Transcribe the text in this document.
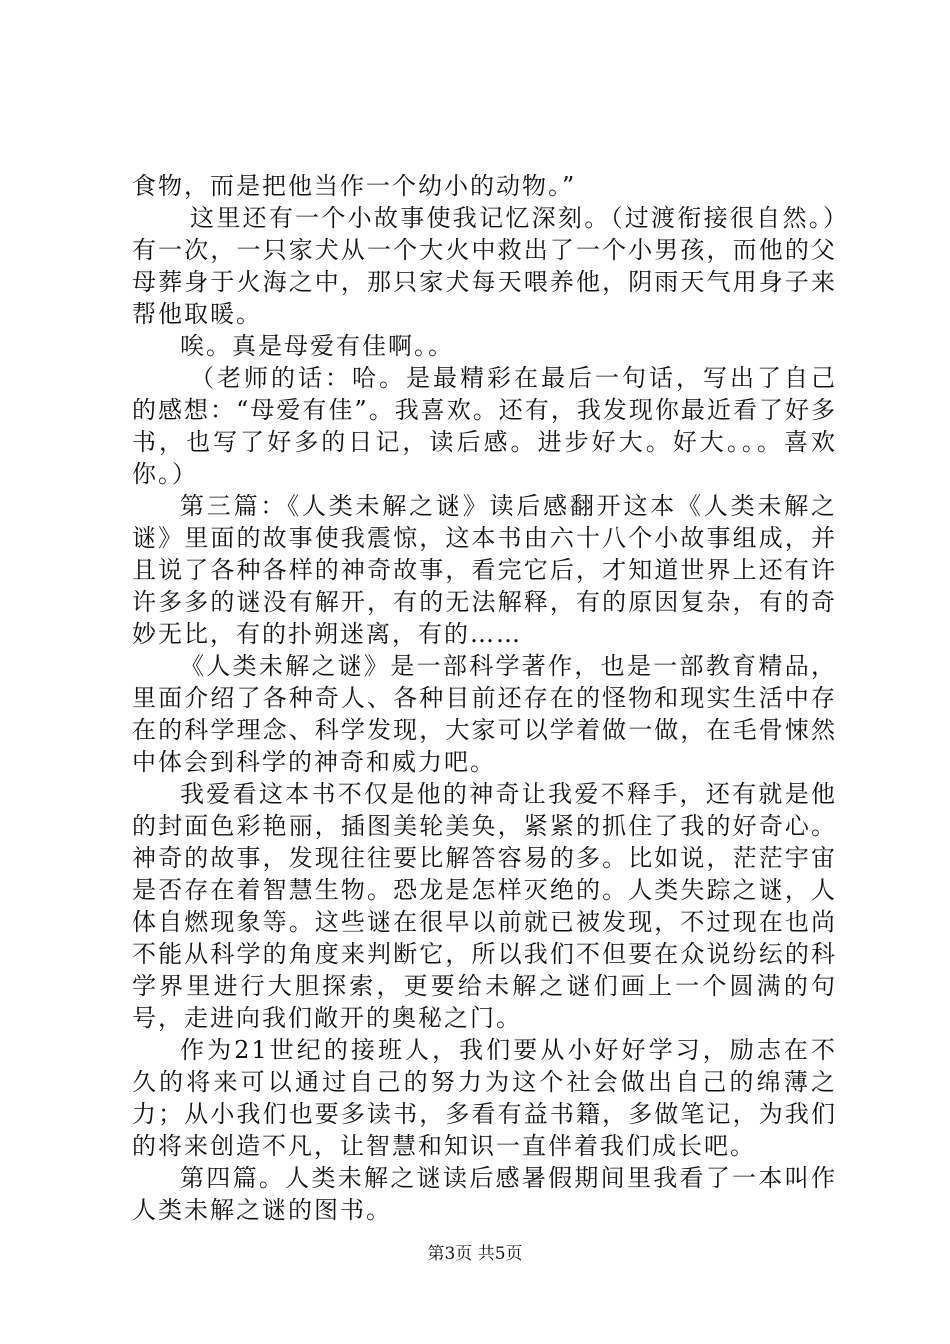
食物，而是把他当作一个幼小的动物。”

这里还有一个小故事使我记忆深刻。（过渡衔接很自然。）有一次，一只家犬从一个大火中救出了一个小男孩，而他的父母葬身于火海之中，那只家犬每天喂养他，阴雨天气用身子来帮他取暖。

唉。真是母爱有佳啊。。

（老师的话：哈。是最精彩在最后一句话，写出了自己的感想：“母爱有佳”。我喜欢。还有，我发现你最近看了好多书，也写了好多的日记，读后感。进步好大。好大。。。喜欢你。）

第三篇：《人类未解之谜》读后感翻开这本《人类未解之谜》里面的故事使我震惊，这本书由六十八个小故事组成，并且说了各种各样的神奇故事，看完它后，才知道世界上还有许许多多的谜没有解开，有的无法解释，有的原因复杂，有的奇妙无比，有的扑朔迷离，有的……

《人类未解之谜》是一部科学著作，也是一部教育精品，里面介绍了各种奇人、各种目前还存在的怪物和现实生活中存在的科学理念、科学发现，大家可以学着做一做，在毛骨悚然中体会到科学的神奇和威力吧。

我爱看这本书不仅是他的神奇让我爱不释手，还有就是他的封面色彩艳丽，插图美轮美奂，紧紧的抓住了我的好奇心。神奇的故事，发现往往要比解答容易的多。比如说，茫茫宇宙是否存在着智慧生物。恐龙是怎样灭绝的。人类失踪之谜，人体自燃现象等。这些谜在很早以前就已被发现，不过现在也尚不能从科学的角度来判断它，所以我们不但要在众说纷纭的科学界里进行大胆探索，更要给未解之谜们画上一个圆满的句号，走进向我们敞开的奥秘之门。

作为21世纪的接班人，我们要从小好好学习，励志在不久的将来可以通过自己的努力为这个社会做出自己的绵薄之力；从小我们也要多读书，多看有益书籍，多做笔记，为我们的将来创造不凡，让智慧和知识一直伴着我们成长吧。

第四篇。人类未解之谜读后感暑假期间里我看了一本叫作人类未解之谜的图书。

第3页 共5页
